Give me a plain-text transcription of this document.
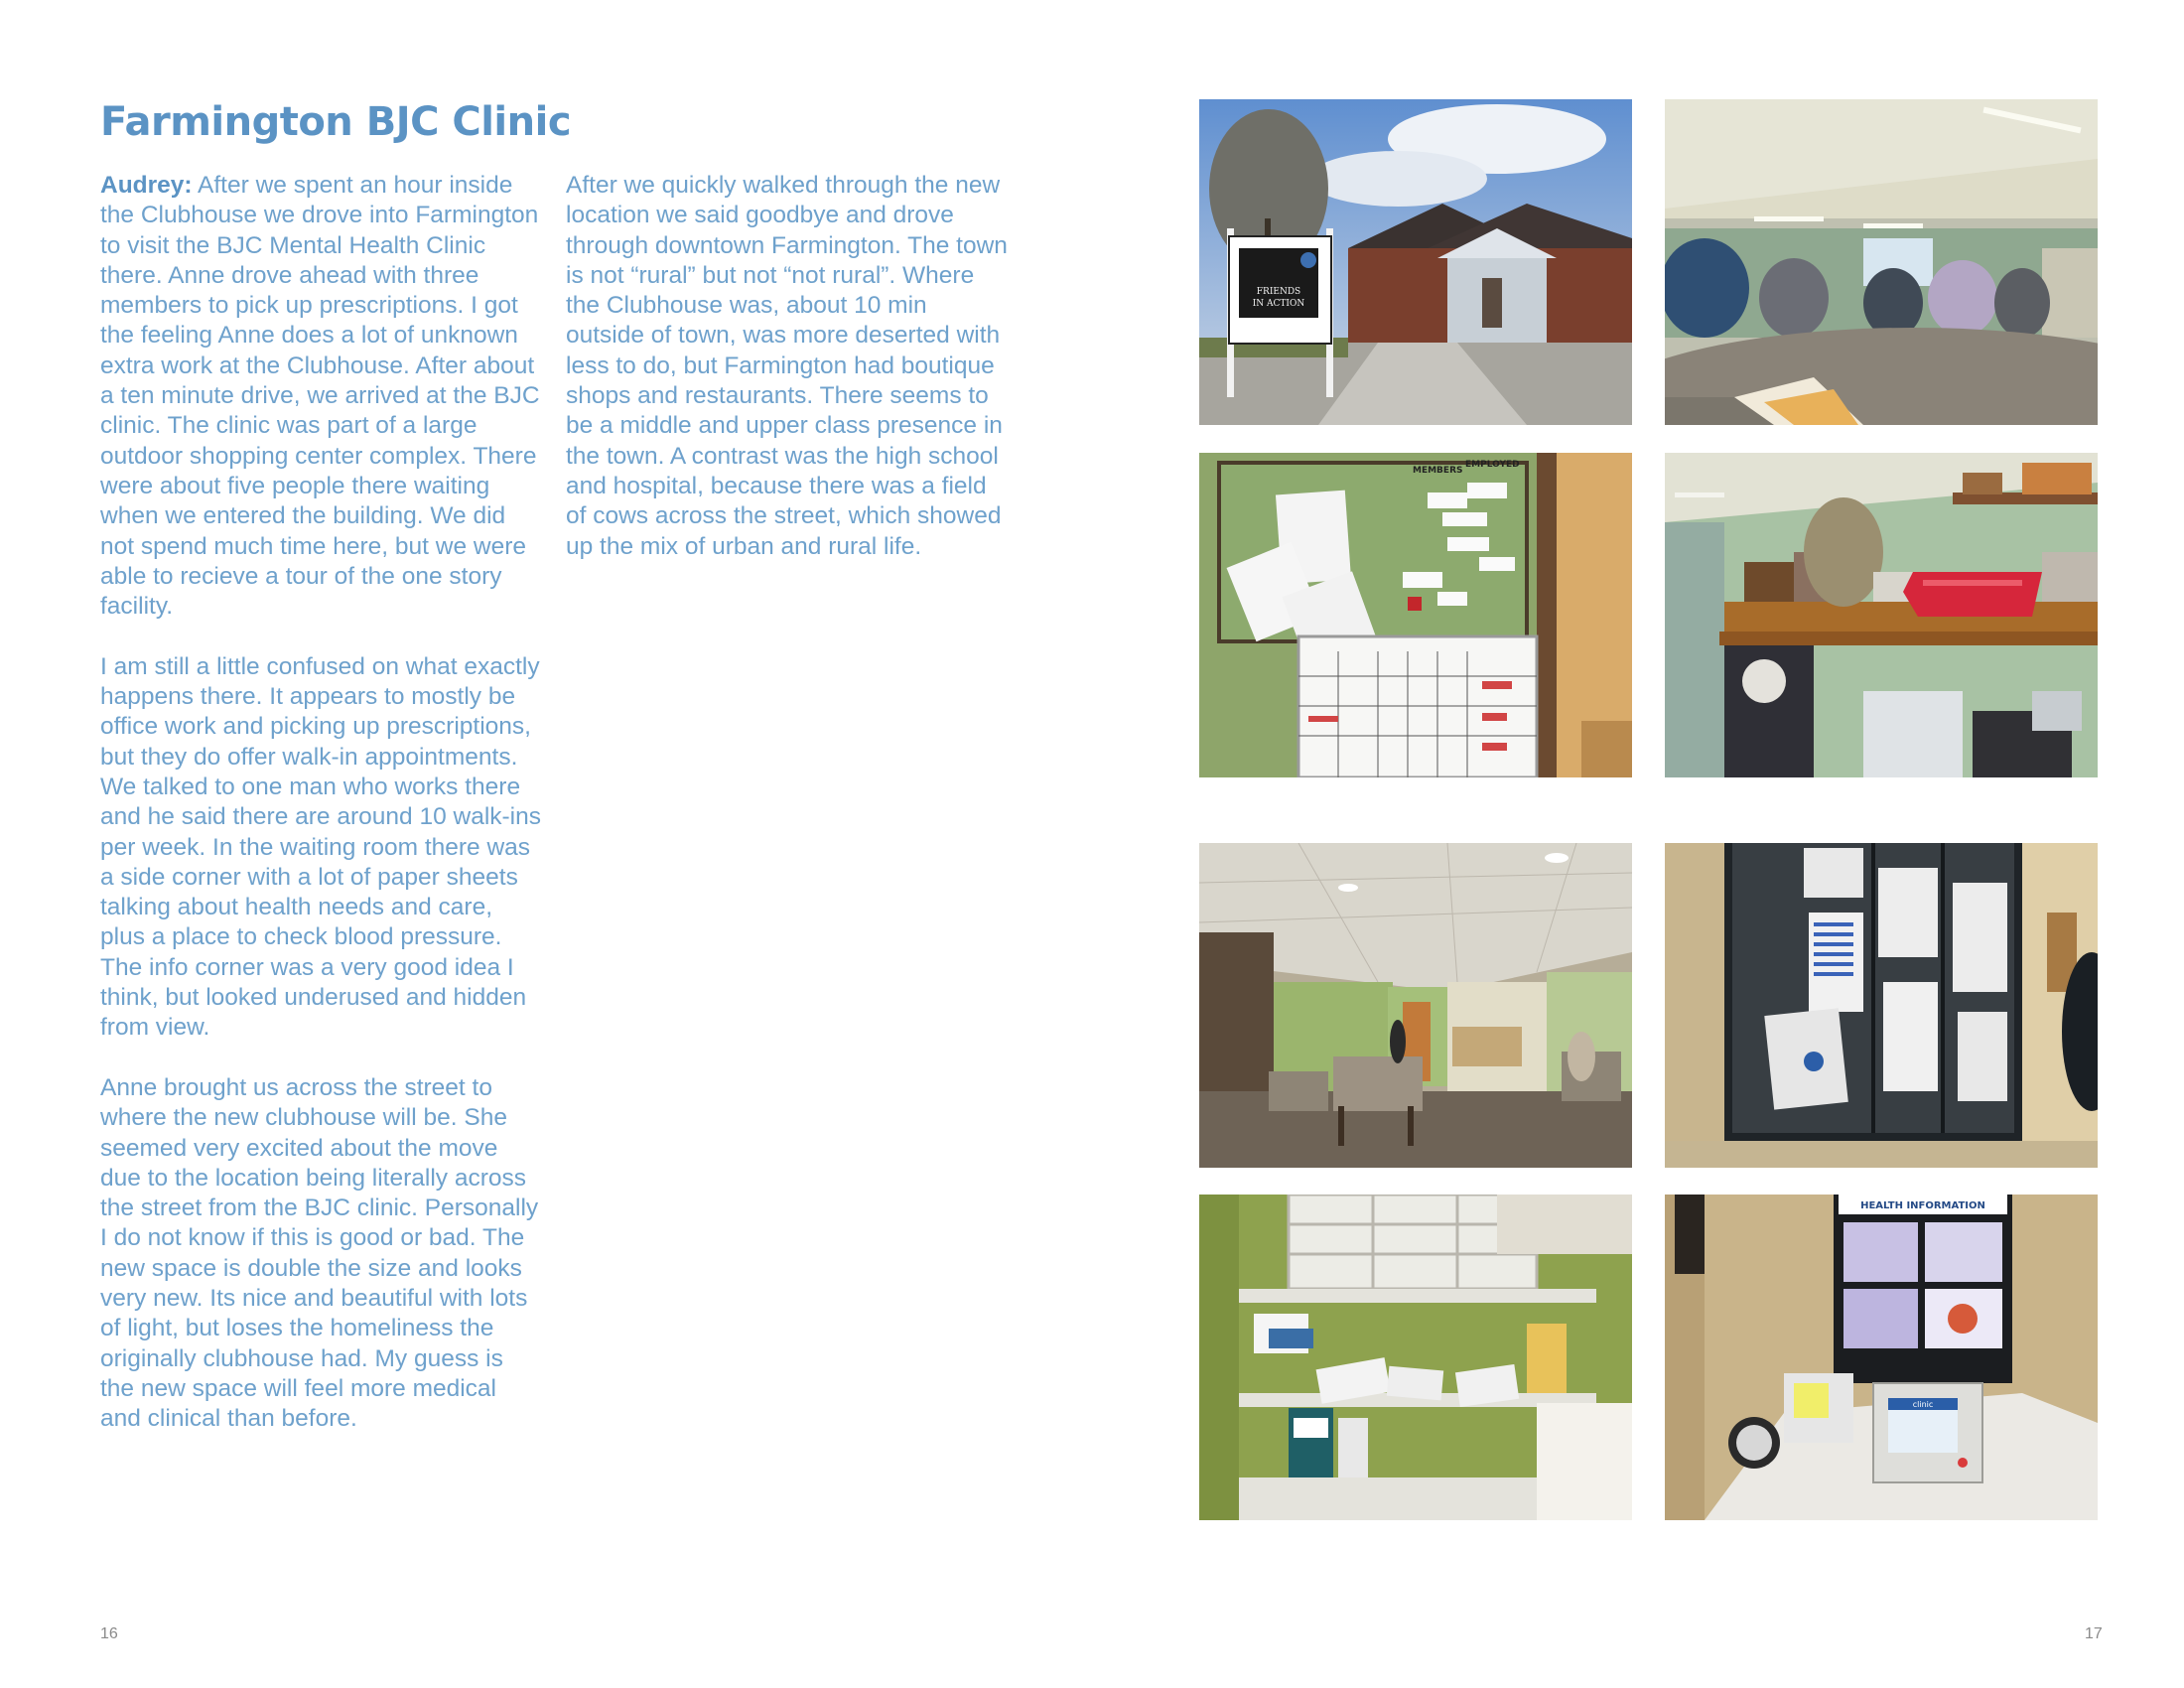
Farmington BJC Clinic

Audrey: After we spent an hour inside the Clubhouse we drove into Farmington to visit the BJC Mental Health Clinic there. Anne drove ahead with three members to pick up prescriptions. I got the feeling Anne does a lot of unknown extra work at the Clubhouse. After about a ten minute drive, we arrived at the BJC clinic. The clinic was part of a large outdoor shopping center complex. There were about five people there waiting when we entered the building. We did not spend much time here, but we were able to recieve a tour of the one story facility.

I am still a little confused on what exactly happens there. It appears to mostly be office work and picking up prescriptions, but they do offer walk-in appointments. We talked to one man who works there and he said there are around 10 walk-ins per week. In the waiting room there was a side corner with a lot of paper sheets talking about health needs and care, plus a place to check blood pressure. The info corner was a very good idea I think, but looked underused and hidden from view.

Anne brought us across the street to where the new clubhouse will be. She seemed very excited about the move due to the location being literally across the street from the BJC clinic. Personally I do not know if this is good or bad. The new space is double the size and looks very new. Its nice and beautiful with lots of light, but loses the homeliness the originally clubhouse had. My guess is the new space will feel more medical and clinical than before.

After we quickly walked through the new location we said goodbye and drove through downtown Farmington. The town is not “rural” but not “not rural”. Where the Clubhouse was, about 10 min outside of town, was more deserted with less to do, but Farmington had boutique shops and restaurants. There seems to be a middle and upper class presence in the town. A contrast was the high school and hospital, because there was a field of cows across the street, which showed up the mix of urban and rural life.

FRIENDS
IN ACTION
MEMBERS
EMPLOYED
HEALTH INFORMATION
clinic
16	17
